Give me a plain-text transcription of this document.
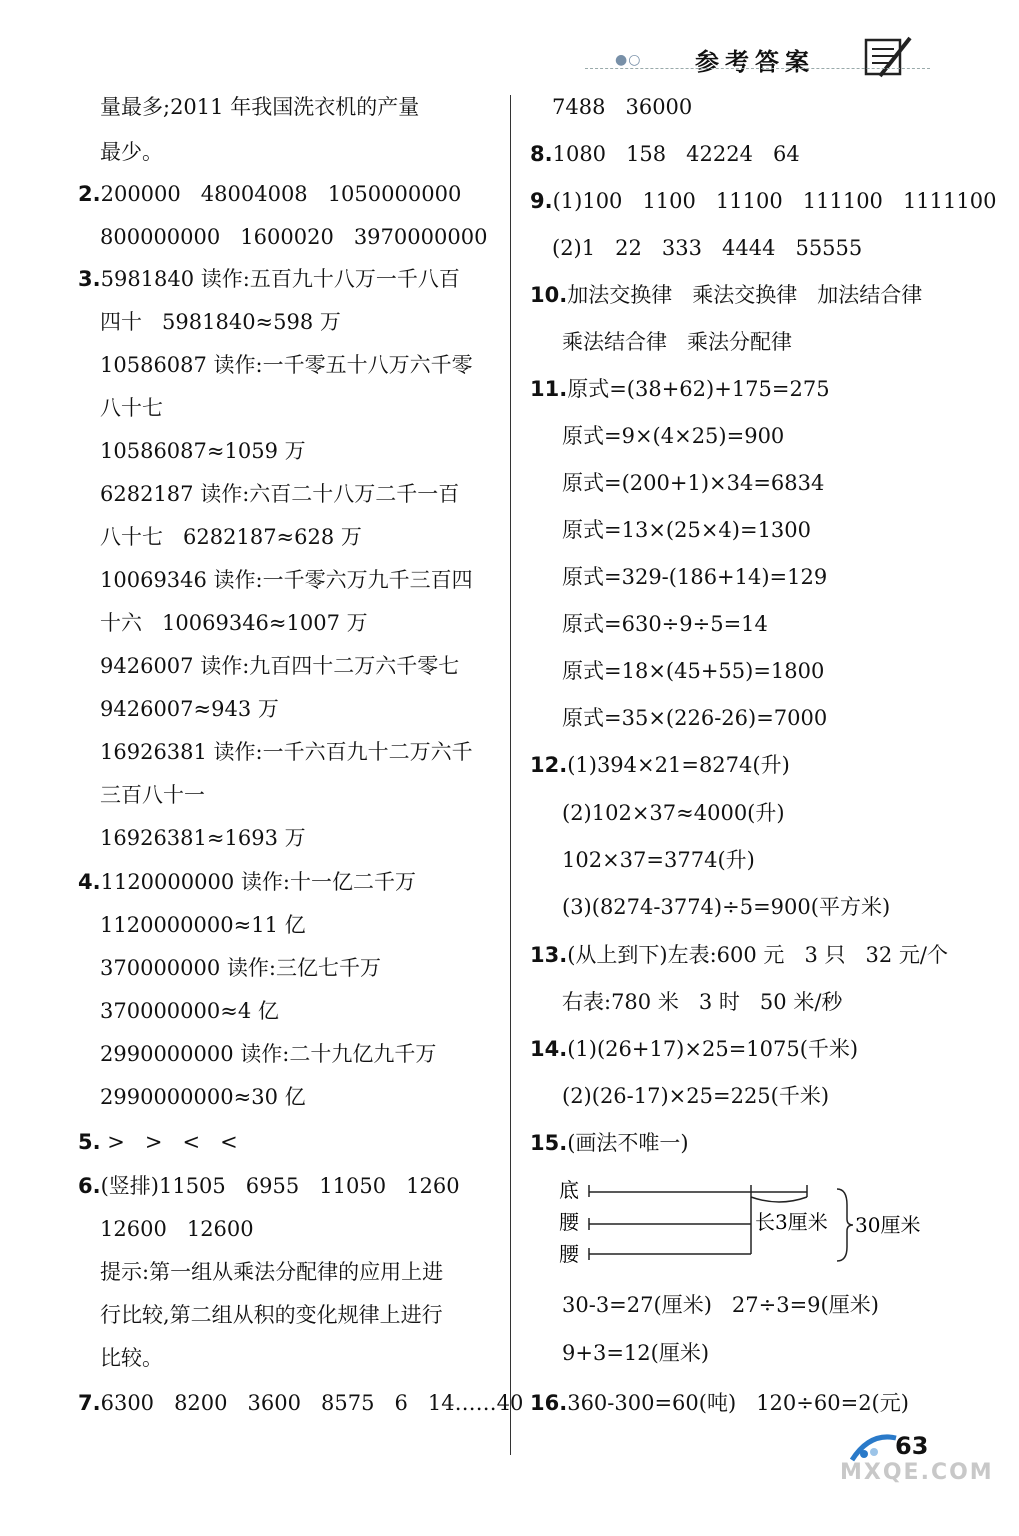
●○ 参考答案
量最多;2011 年我国洗衣机的产量
最少。
2.200000   48004008   1050000000
800000000   1600020   3970000000
3.5981840 读作:五百九十八万一千八百
四十   5981840≈598 万
10586087 读作:一千零五十八万六千零
八十七
10586087≈1059 万
6282187 读作:六百二十八万二千一百
八十七   6282187≈628 万
10069346 读作:一千零六万九千三百四
十六   10069346≈1007 万
9426007 读作:九百四十二万六千零七
9426007≈943 万
16926381 读作:一千六百九十二万六千
三百八十一
16926381≈1693 万
4.1120000000 读作:十一亿二千万
1120000000≈11 亿
370000000 读作:三亿七千万
370000000≈4 亿
2990000000 读作:二十九亿九千万
2990000000≈30 亿
5. >   >   <   <
6.(竖排)11505   6955   11050   1260
12600   12600
提示:第一组从乘法分配律的应用上进
行比较,第二组从积的变化规律上进行
比较。
7.6300   8200   3600   8575   6   14……40
7488   36000
8.1080   158   42224   64
9.(1)100   1100   11100   111100   1111100
(2)1   22   333   4444   55555
10.加法交换律   乘法交换律   加法结合律
乘法结合律   乘法分配律
11.原式=(38+62)+175=275
原式=9×(4×25)=900
原式=(200+1)×34=6834
原式=13×(25×4)=1300
原式=329-(186+14)=129
原式=630÷9÷5=14
原式=18×(45+55)=1800
原式=35×(226-26)=7000
12.(1)394×21=8274(升)
(2)102×37≈4000(升)
102×37=3774(升)
(3)(8274-3774)÷5=900(平方米)
13.(从上到下)左表:600 元   3 只   32 元/个
右表:780 米   3 时   50 米/秒
14.(1)(26+17)×25=1075(千米)
(2)(26-17)×25=225(千米)
15.(画法不唯一)
30-3=27(厘米)   27÷3=9(厘米)
9+3=12(厘米)
16.360-300=60(吨)   120÷60=2(元)
底
腰
腰
长3厘米 30厘米
63
MXQE.COM
